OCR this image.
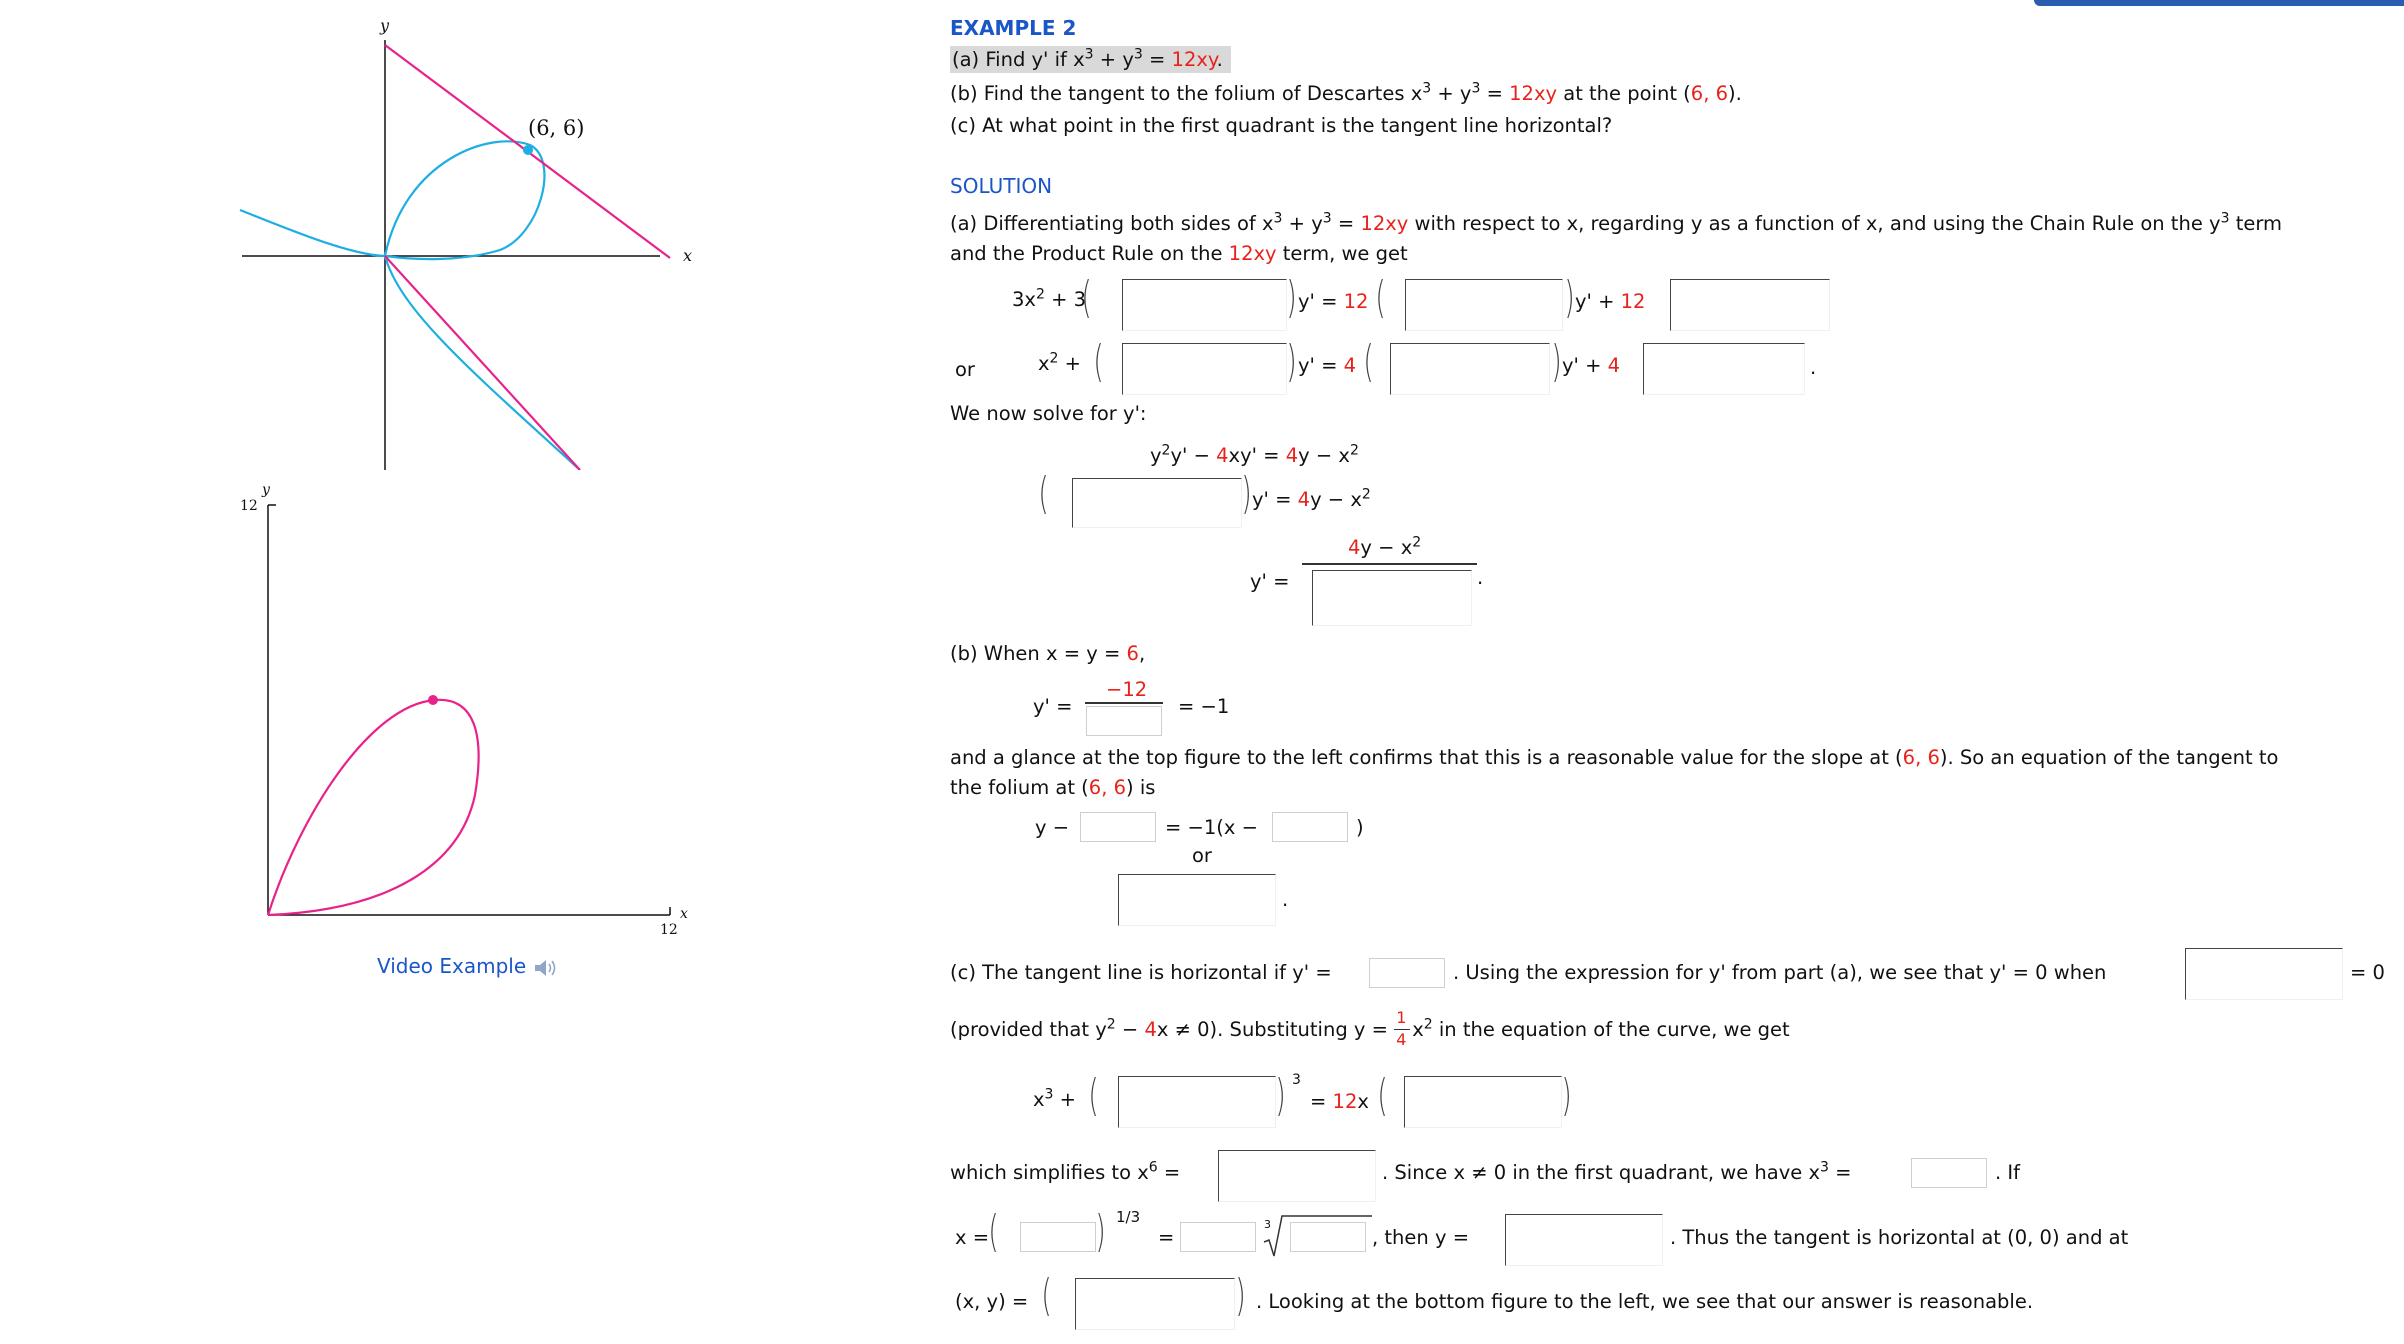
y
x
(6, 6)
y
12
x
12
Video Example
EXAMPLE 2
(a) Find y' if $x^3 + y^3 = 12xy$.
(b) Find the tangent to the folium of Descartes $x^3 + y^3 = 12xy$ at the point (6, 6).
(c) At what point in the first quadrant is the tangent line horizontal?
SOLUTION
(a) Differentiating both sides of $x^3 + y^3 = 12xy$ with respect to x, regarding y as a function of x, and using the Chain Rule on the $y^3$ term
and the Product Rule on the 12xy term, we get
$3x^2 + 3$
(	) y' = 12 (	) y' + 12
or	$x^2$ + (	) y' = 4 (	) y' + 4	.
We now solve for y':
$y^2y' - 4xy' = 4y - x^2$
(	) $y' = 4y - x^2$
y' =
$4y - x^2$
.
(b) When x = y = 6,
y' =
−12
= −1
and a glance at the top figure to the left confirms that this is a reasonable value for the slope at (6, 6). So an equation of the tangent to
the folium at (6, 6) is
y −	= −1(x −	)
or
.
(c) The tangent line is horizontal if y' =	. Using the expression for y' from part (a), we see that y' = 0 when	= 0
(provided that $y^2 - 4x \ne 0$). Substituting $y = \frac{1}{4} x^2$ in the equation of the curve, we get
$x^3$ + (	) 3
= 12x (	)
which simplifies to $x^6$ =	. Since x ≠ 0 in the first quadrant, we have $x^3$ =	. If
x = ( ) 1/3
=
3
, then y =	. Thus the tangent is horizontal at (0, 0) and at
(x, y) = (	) . Looking at the bottom figure to the left, we see that our answer is reasonable.
